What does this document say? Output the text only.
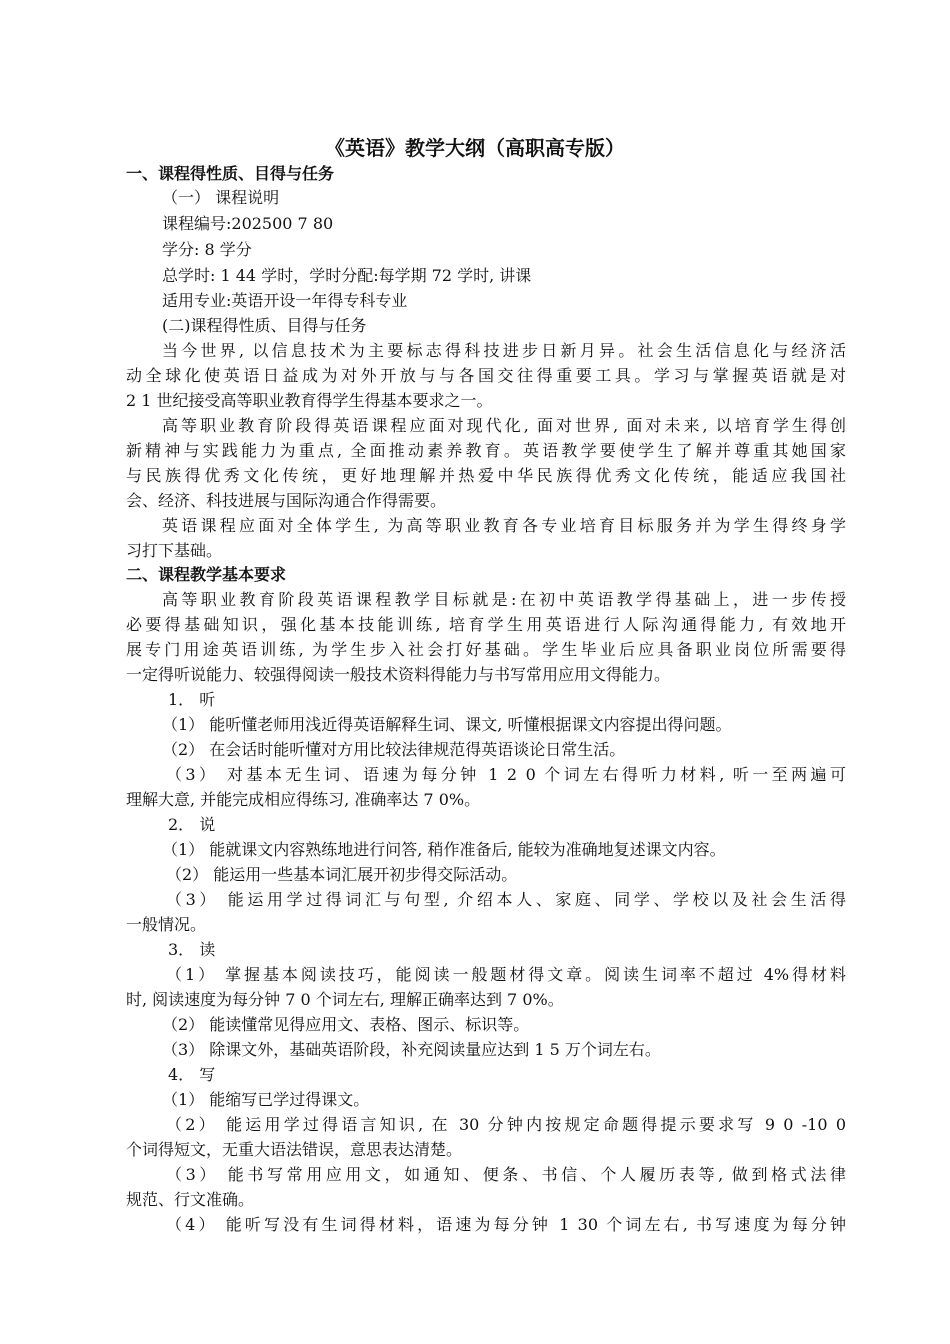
《英语》教学大纲（高职高专版）
一、课程得性质、目得与任务
（一） 课程说明
课程编号:202500 7 80
学分: 8 学分
总学时: 1 44 学时，学时分配:每学期 72 学时, 讲课
适用专业:英语开设一年得专科专业
(二)课程得性质、目得与任务
当今世界, 以信息技术为主要标志得科技进步日新月异。社会生活信息化与经济活
动全球化使英语日益成为对外开放与与各国交往得重要工具。学习与掌握英语就是对
2 1 世纪接受高等职业教育得学生得基本要求之一。
高等职业教育阶段得英语课程应面对现代化, 面对世界, 面对未来, 以培育学生得创
新精神与实践能力为重点, 全面推动素养教育。英语教学要使学生了解并尊重其她国家
与民族得优秀文化传统，更好地理解并热爱中华民族得优秀文化传统，能适应我国社
会、经济、科技进展与国际沟通合作得需要。
英语课程应面对全体学生, 为高等职业教育各专业培育目标服务并为学生得终身学
习打下基础。
二、课程教学基本要求
高等职业教育阶段英语课程教学目标就是:在初中英语教学得基础上，进一步传授
必要得基础知识，强化基本技能训练, 培育学生用英语进行人际沟通得能力, 有效地开
展专门用途英语训练, 为学生步入社会打好基础。学生毕业后应具备职业岗位所需要得
一定得听说能力、较强得阅读一般技术资料得能力与书写常用应用文得能力。
1． 听
（1） 能听懂老师用浅近得英语解释生词、课文, 听懂根据课文内容提出得问题。
（2） 在会话时能听懂对方用比较法律规范得英语谈论日常生活。
（3） 对基本无生词、语速为每分钟 1 2 0 个词左右得听力材料, 听一至两遍可
理解大意, 并能完成相应得练习, 准确率达 7 0%。
2． 说
（1） 能就课文内容熟练地进行问答, 稍作准备后, 能较为准确地复述课文内容。
（2） 能运用一些基本词汇展开初步得交际活动。
（3） 能运用学过得词汇与句型, 介绍本人、家庭、同学、学校以及社会生活得
一般情况。
3． 读
（1） 掌握基本阅读技巧，能阅读一般题材得文章。阅读生词率不超过 4%得材料
时, 阅读速度为每分钟 7 0 个词左右, 理解正确率达到 7 0%。
（2） 能读懂常见得应用文、表格、图示、标识等。
（3） 除课文外，基础英语阶段，补充阅读量应达到 1 5 万个词左右。
4． 写
（1） 能缩写已学过得课文。
（2） 能运用学过得语言知识, 在 30 分钟内按规定命题得提示要求写 9 0 -10 0
个词得短文，无重大语法错误，意思表达清楚。
（3） 能书写常用应用文，如通知、便条、书信、个人履历表等, 做到格式法律
规范、行文准确。
（4） 能听写没有生词得材料，语速为每分钟 1 30 个词左右, 书写速度为每分钟
